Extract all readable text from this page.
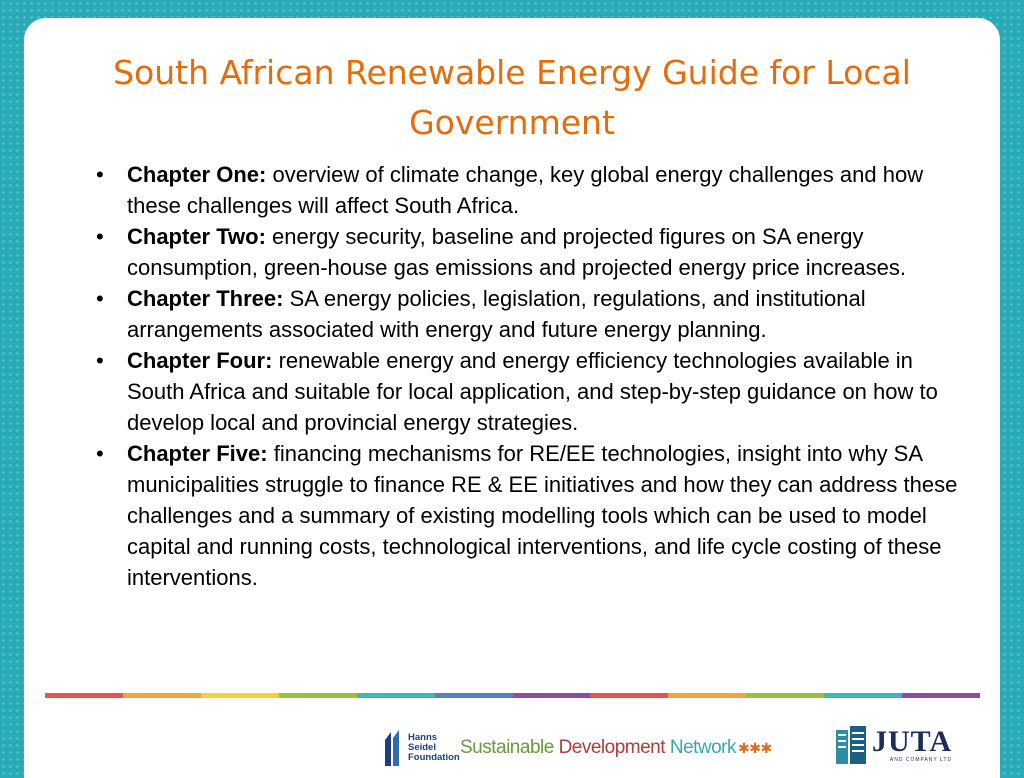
South African Renewable Energy Guide for Local Government
• Chapter One: overview of climate change, key global energy challenges and how these challenges will affect South Africa.
• Chapter Two: energy security, baseline and projected figures on SA energy consumption, green-house gas emissions and projected energy price increases.
• Chapter Three: SA energy policies, legislation, regulations, and institutional arrangements associated with energy and future energy planning.
• Chapter Four: renewable energy and energy efficiency technologies available in South Africa and suitable for local application, and step-by-step guidance on how to develop local and provincial energy strategies.
• Chapter Five: financing mechanisms for RE/EE technologies, insight into why SA municipalities struggle to finance RE & EE initiatives and how they can address these challenges and a summary of existing modelling tools which can be used to model capital and running costs, technological interventions, and life cycle costing of these interventions.
Hanns
Seidel
Foundation Sustainable Development Network ✱✱✱	JUTA
AND COMPANY LTD
